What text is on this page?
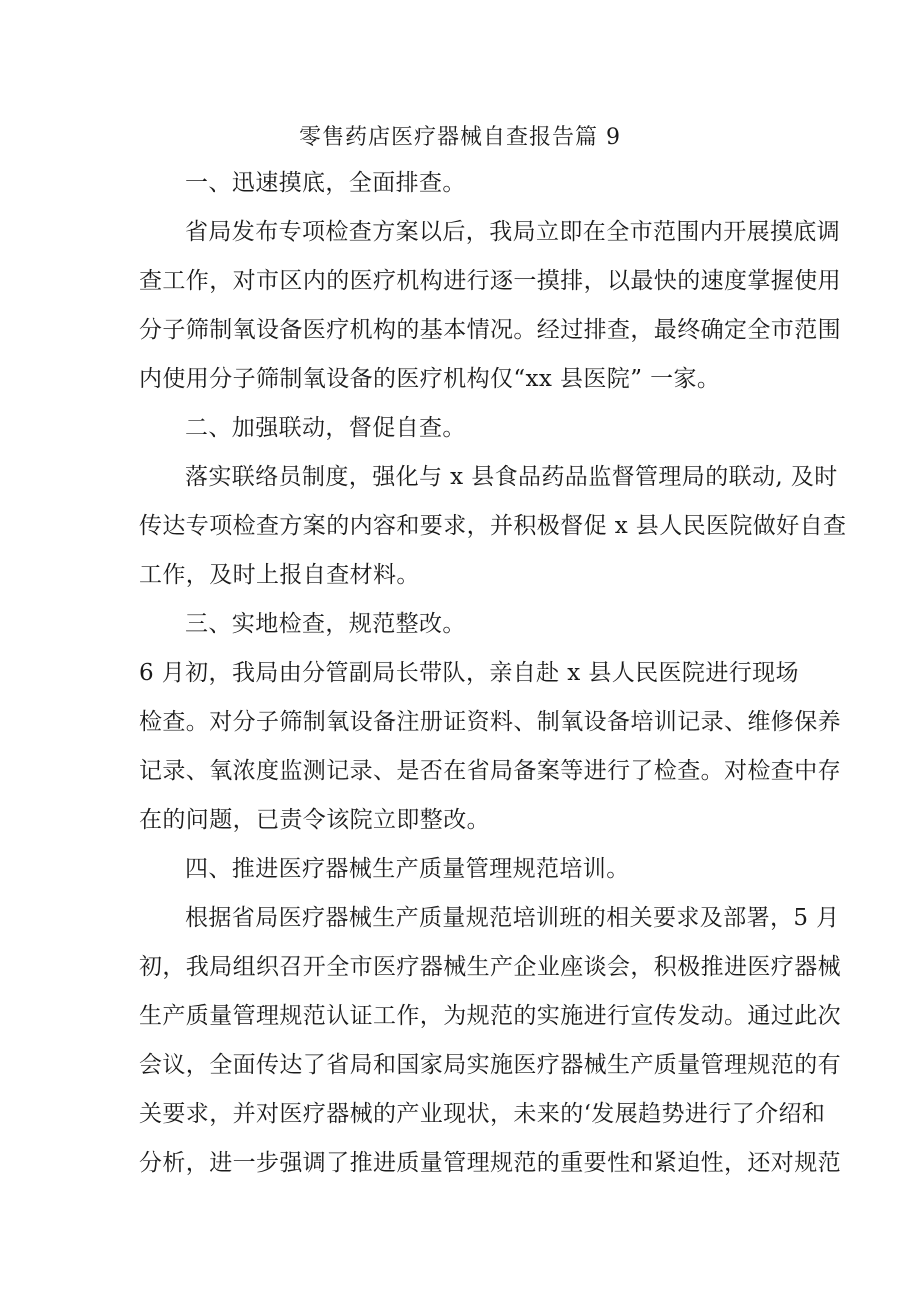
零售药店医疗器械自查报告篇 9
一、迅速摸底，全面排查。
省局发布专项检查方案以后，我局立即在全市范围内开展摸底调
查工作，对市区内的医疗机构进行逐一摸排，以最快的速度掌握使用
分子筛制氧设备医疗机构的基本情况。经过排查，最终确定全市范围
内使用分子筛制氧设备的医疗机构仅“xx 县医院” 一家。
二、加强联动，督促自查。
落实联络员制度，强化与 x 县食品药品监督管理局的联动, 及时
传达专项检查方案的内容和要求，并积极督促 x 县人民医院做好自查
工作，及时上报自查材料。
三、实地检查，规范整改。
6 月初，我局由分管副局长带队，亲自赴 x 县人民医院进行现场
检查。对分子筛制氧设备注册证资料、制氧设备培训记录、维修保养
记录、氧浓度监测记录、是否在省局备案等进行了检查。对检查中存
在的问题，已责令该院立即整改。
四、推进医疗器械生产质量管理规范培训。
根据省局医疗器械生产质量规范培训班的相关要求及部署，5 月
初，我局组织召开全市医疗器械生产企业座谈会，积极推进医疗器械
生产质量管理规范认证工作，为规范的实施进行宣传发动。通过此次
会议，全面传达了省局和国家局实施医疗器械生产质量管理规范的有
关要求，并对医疗器械的产业现状，未来的‘发展趋势进行了介绍和
分析，进一步强调了推进质量管理规范的重要性和紧迫性，还对规范
